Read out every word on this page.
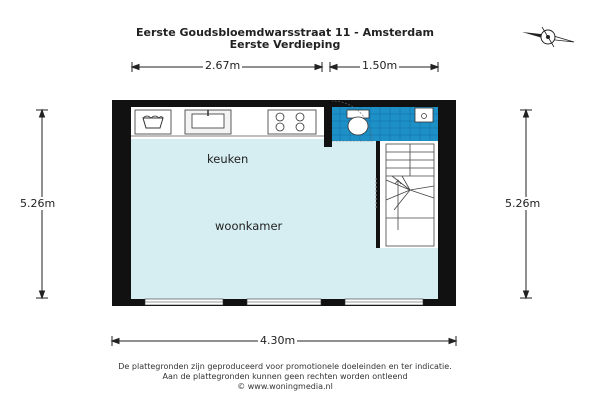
Eerste Goudsbloemdwarsstraat 11 - Amsterdam
Eerste Verdieping
2.67m	1.50m
5.26m	5.26m
4.30m
keuken
woonkamer
De plattegronden zijn geproduceerd voor promotionele doeleinden en ter indicatie.
Aan de plattegronden kunnen geen rechten worden ontleend
© www.woningmedia.nl
